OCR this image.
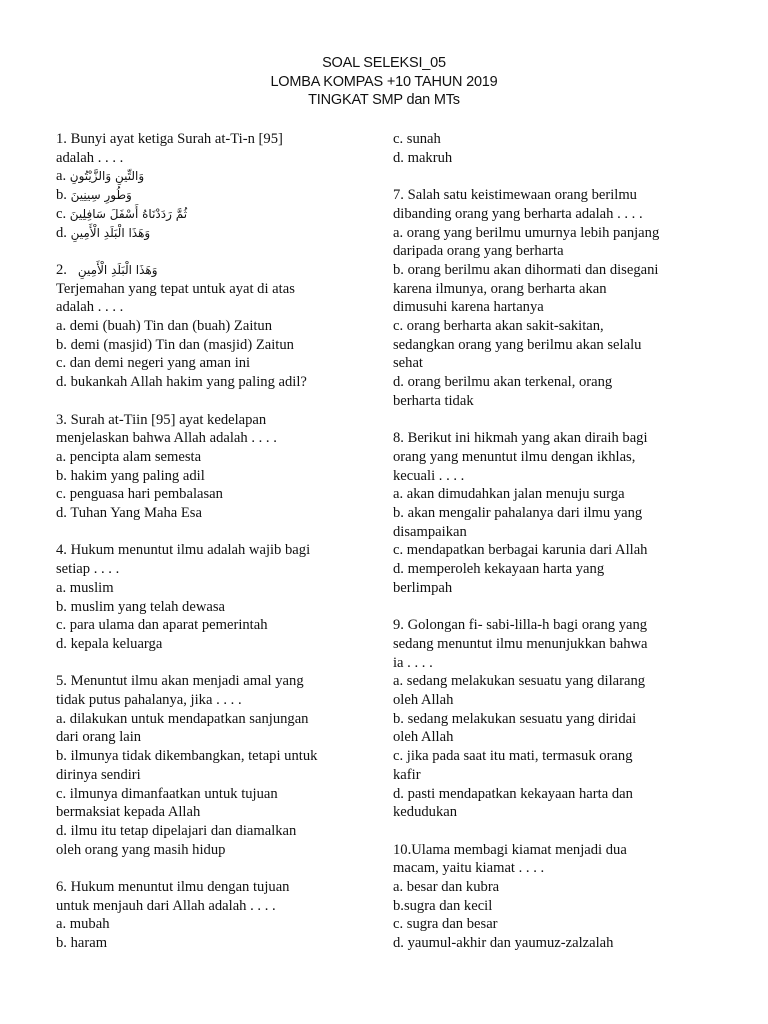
SOAL SELEKSI_05
LOMBA KOMPAS +10 TAHUN 2019
TINGKAT SMP dan MTs
1. Bunyi ayat ketiga Surah at-Ti-n [95]
adalah . . . .
a. وَالتِّينِ وَالزَّيْتُونِ
b. وَطُورِ سِينِينَ
c. ثُمَّ رَدَدْنَاهُ أَسْفَلَ سَافِلِينَ
d. وَهَذَا الْبَلَدِ الْأَمِينِ
2. وَهَذَا الْبَلَدِ الْأَمِينِ
Terjemahan yang tepat untuk ayat di atas
adalah . . . .
a. demi (buah) Tin dan (buah) Zaitun
b. demi (masjid) Tin dan (masjid) Zaitun
c. dan demi negeri yang aman ini
d. bukankah Allah hakim yang paling adil?
3. Surah at-Tiin [95] ayat kedelapan
menjelaskan bahwa Allah adalah . . . .
a. pencipta alam semesta
b. hakim yang paling adil
c. penguasa hari pembalasan
d. Tuhan Yang Maha Esa
4. Hukum menuntut ilmu adalah wajib bagi
setiap . . . .
a. muslim
b. muslim yang telah dewasa
c. para ulama dan aparat pemerintah
d. kepala keluarga
5. Menuntut ilmu akan menjadi amal yang
tidak putus pahalanya, jika . . . .
a. dilakukan untuk mendapatkan sanjungan
dari orang lain
b. ilmunya tidak dikembangkan, tetapi untuk
dirinya sendiri
c. ilmunya dimanfaatkan untuk tujuan
bermaksiat kepada Allah
d. ilmu itu tetap dipelajari dan diamalkan
oleh orang yang masih hidup
6. Hukum menuntut ilmu dengan tujuan
untuk menjauh dari Allah adalah . . . .
a. mubah
b. haram
c. sunah
d. makruh
7. Salah satu keistimewaan orang berilmu
dibanding orang yang berharta adalah . . . .
a. orang yang berilmu umurnya lebih panjang
daripada orang yang berharta
b. orang berilmu akan dihormati dan disegani
karena ilmunya, orang berharta akan
dimusuhi karena hartanya
c. orang berharta akan sakit-sakitan,
sedangkan orang yang berilmu akan selalu
sehat
d. orang berilmu akan terkenal, orang
berharta tidak
8. Berikut ini hikmah yang akan diraih bagi
orang yang menuntut ilmu dengan ikhlas,
kecuali . . . .
a. akan dimudahkan jalan menuju surga
b. akan mengalir pahalanya dari ilmu yang
disampaikan
c. mendapatkan berbagai karunia dari Allah
d. memperoleh kekayaan harta yang
berlimpah
9. Golongan fi- sabi-lilla-h bagi orang yang
sedang menuntut ilmu menunjukkan bahwa
ia . . . .
a. sedang melakukan sesuatu yang dilarang
oleh Allah
b. sedang melakukan sesuatu yang diridai
oleh Allah
c. jika pada saat itu mati, termasuk orang
kafir
d. pasti mendapatkan kekayaan harta dan
kedudukan
10.Ulama membagi kiamat menjadi dua
macam, yaitu kiamat . . . .
a. besar dan kubra
b.sugra dan kecil
c. sugra dan besar
d. yaumul-akhir dan yaumuz-zalzalah
